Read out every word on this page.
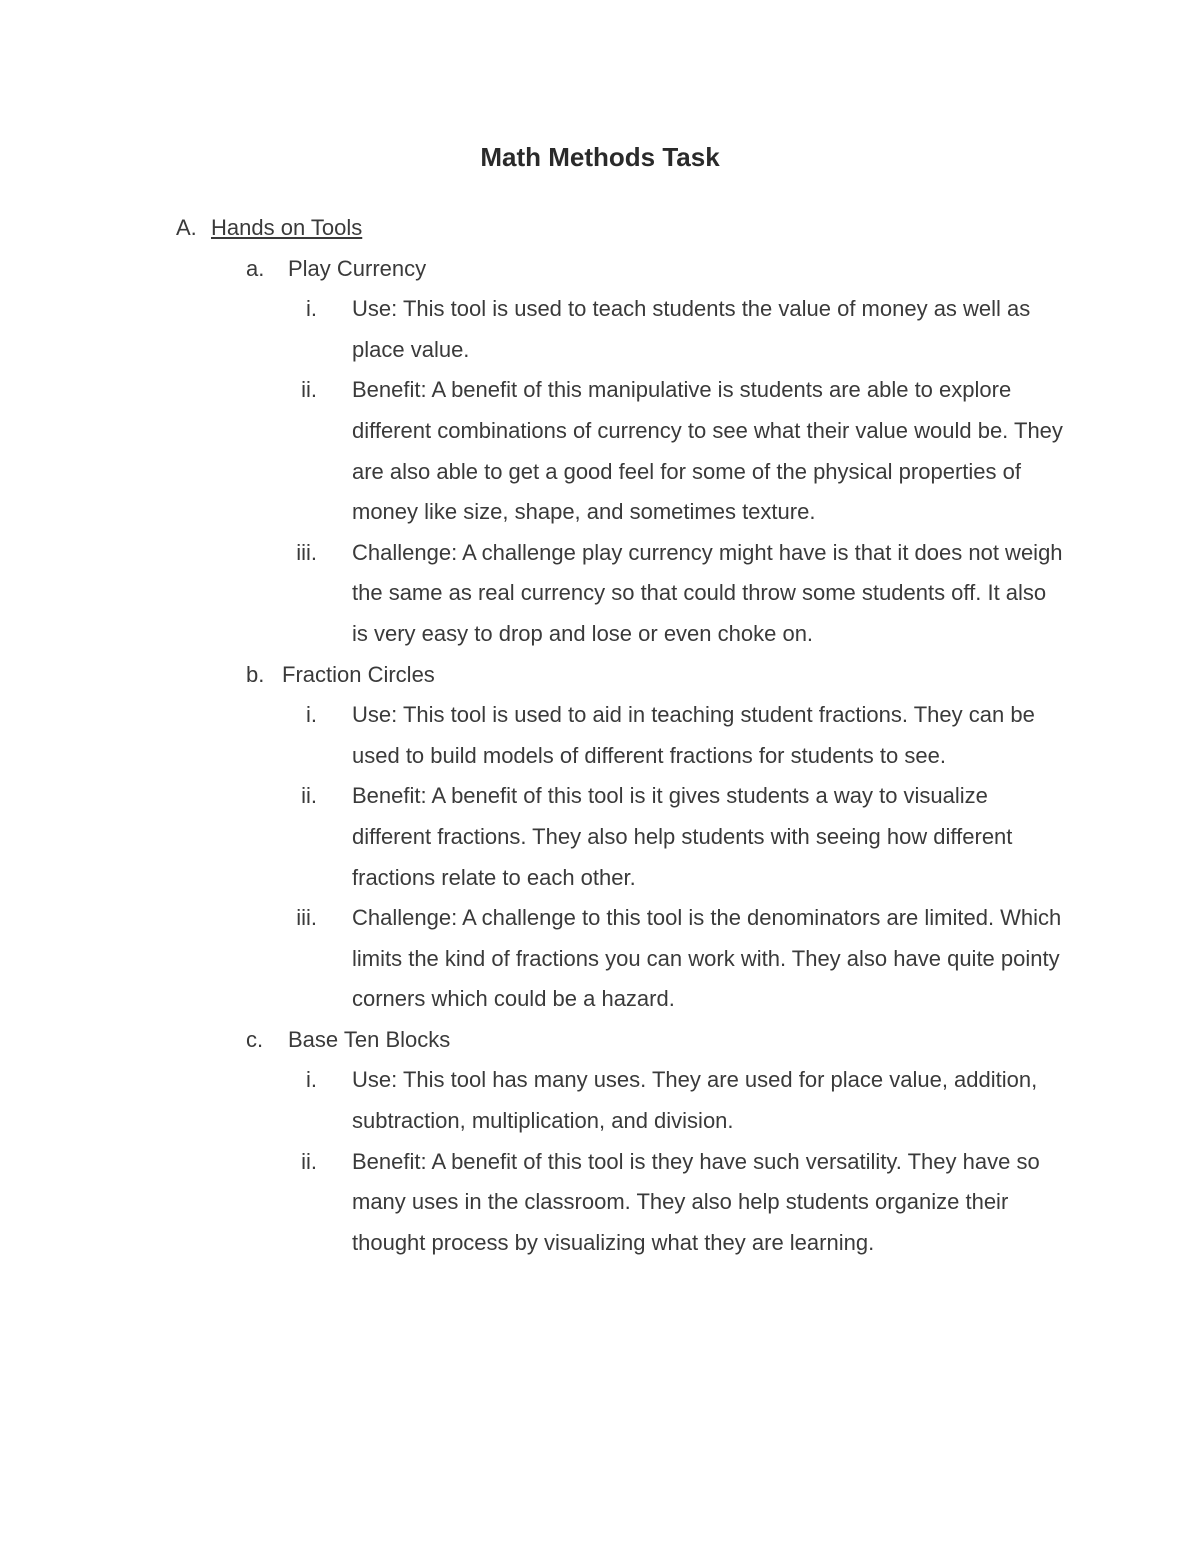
Math Methods Task
A. Hands on Tools
a. Play Currency
i. Use: This tool is used to teach students the value of money as well as place value.
ii. Benefit: A benefit of this manipulative is students are able to explore different combinations of currency to see what their value would be. They are also able to get a good feel for some of the physical properties of money like size, shape, and sometimes texture.
iii. Challenge: A challenge play currency might have is that it does not weigh the same as real currency so that could throw some students off. It also is very easy to drop and lose or even choke on.
b. Fraction Circles
i. Use: This tool is used to aid in teaching student fractions. They can be used to build models of different fractions for students to see.
ii. Benefit: A benefit of this tool is it gives students a way to visualize different fractions. They also help students with seeing how different fractions relate to each other.
iii. Challenge: A challenge to this tool is the denominators are limited. Which limits the kind of fractions you can work with. They also have quite pointy corners which could be a hazard.
c. Base Ten Blocks
i. Use: This tool has many uses. They are used for place value, addition, subtraction, multiplication, and division.
ii. Benefit: A benefit of this tool is they have such versatility. They have so many uses in the classroom. They also help students organize their thought process by visualizing what they are learning.
